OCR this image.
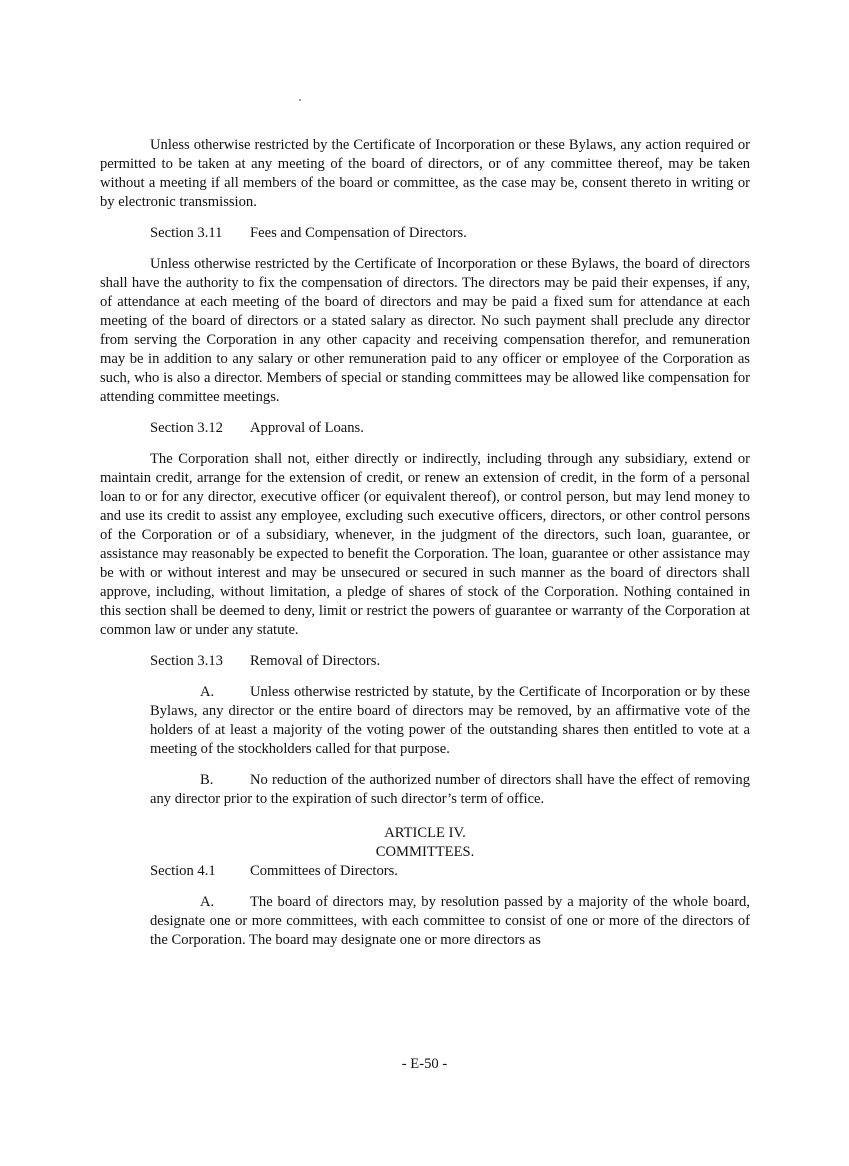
Unless otherwise restricted by the Certificate of Incorporation or these Bylaws, any action required or permitted to be taken at any meeting of the board of directors, or of any committee thereof, may be taken without a meeting if all members of the board or committee, as the case may be, consent thereto in writing or by electronic transmission.

Section 3.11 Fees and Compensation of Directors.

Unless otherwise restricted by the Certificate of Incorporation or these Bylaws, the board of directors shall have the authority to fix the compensation of directors. The directors may be paid their expenses, if any, of attendance at each meeting of the board of directors and may be paid a fixed sum for attendance at each meeting of the board of directors or a stated salary as director. No such payment shall preclude any director from serving the Corporation in any other capacity and receiving compensation therefor, and remuneration may be in addition to any salary or other remuneration paid to any officer or employee of the Corporation as such, who is also a director. Members of special or standing committees may be allowed like compensation for attending committee meetings.

Section 3.12 Approval of Loans.

The Corporation shall not, either directly or indirectly, including through any subsidiary, extend or maintain credit, arrange for the extension of credit, or renew an extension of credit, in the form of a personal loan to or for any director, executive officer (or equivalent thereof), or control person, but may lend money to and use its credit to assist any employee, excluding such executive officers, directors, or other control persons of the Corporation or of a subsidiary, whenever, in the judgment of the directors, such loan, guarantee, or assistance may reasonably be expected to benefit the Corporation. The loan, guarantee or other assistance may be with or without interest and may be unsecured or secured in such manner as the board of directors shall approve, including, without limitation, a pledge of shares of stock of the Corporation. Nothing contained in this section shall be deemed to deny, limit or restrict the powers of guarantee or warranty of the Corporation at common law or under any statute.

Section 3.13 Removal of Directors.

A. Unless otherwise restricted by statute, by the Certificate of Incorporation or by these Bylaws, any director or the entire board of directors may be removed, by an affirmative vote of the holders of at least a majority of the voting power of the outstanding shares then entitled to vote at a meeting of the stockholders called for that purpose.

B.	No reduction of the authorized number of directors shall have the effect of removing any director prior to the expiration of such director’s term of office.

ARTICLE IV.

COMMITTEES.

Section 4.1 Committees of Directors.

A. The board of directors may, by resolution passed by a majority of the whole board, designate one or more committees, with each committee to consist of one or more of the directors of the Corporation. The board may designate one or more directors as

- E-50 -
